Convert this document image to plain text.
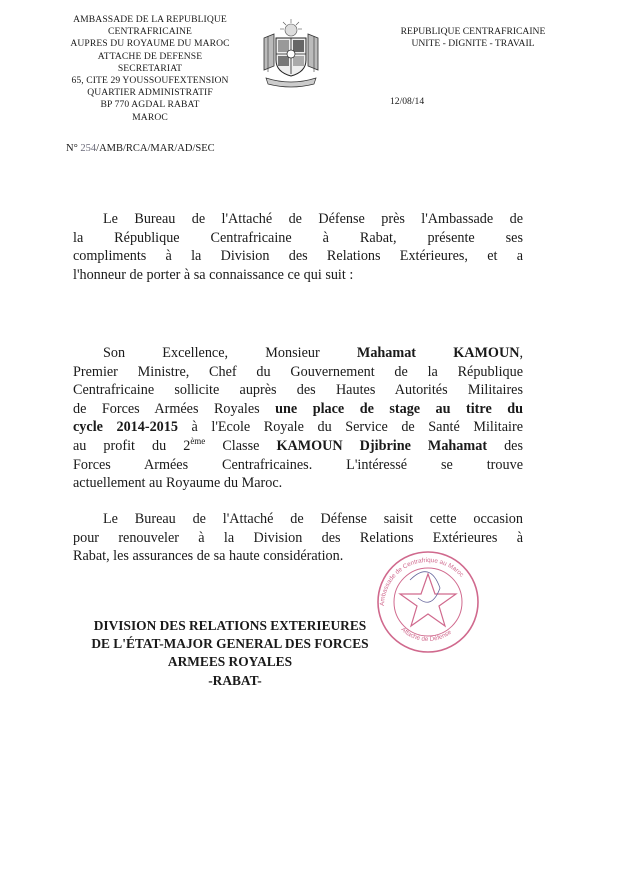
AMBASSADE DE LA REPUBLIQUE
CENTRAFRICAINE
AUPRES DU ROYAUME DU MAROC
ATTACHE DE DEFENSE
SECRETARIAT
65, CITE 29 YOUSSOUFEXTENSION
QUARTIER ADMINISTRATIF
BP 770 AGDAL RABAT
MAROC
REPUBLIQUE CENTRAFRICAINE
UNITE - DIGNITE - TRAVAIL
12/08/14
N° 254/AMB/RCA/MAR/AD/SEC
Le Bureau de l'Attaché de Défense près l'Ambassade de
la République Centrafricaine à Rabat, présente ses
compliments à la Division des Relations Extérieures, et a
l'honneur de porter à sa connaissance ce qui suit :
Son Excellence, Monsieur Mahamat KAMOUN,
Premier Ministre, Chef du Gouvernement de la République
Centrafricaine sollicite auprès des Hautes Autorités Militaires
de Forces Armées Royales une place de stage au titre du
cycle 2014-2015 à l'Ecole Royale du Service de Santé Militaire
au profit du 2ème Classe KAMOUN Djibrine Mahamat des
Forces Armées Centrafricaines. L'intéressé se trouve
actuellement au Royaume du Maroc.
Le Bureau de l'Attaché de Défense saisit cette occasion
pour renouveler à la Division des Relations Extérieures à
Rabat, les assurances de sa haute considération.
Ambassade de Centrafrique au Maroc
Attaché de Défense
DIVISION DES RELATIONS EXTERIEURES
DE L'ÉTAT-MAJOR GENERAL DES FORCES
ARMEES ROYALES
-RABAT-
